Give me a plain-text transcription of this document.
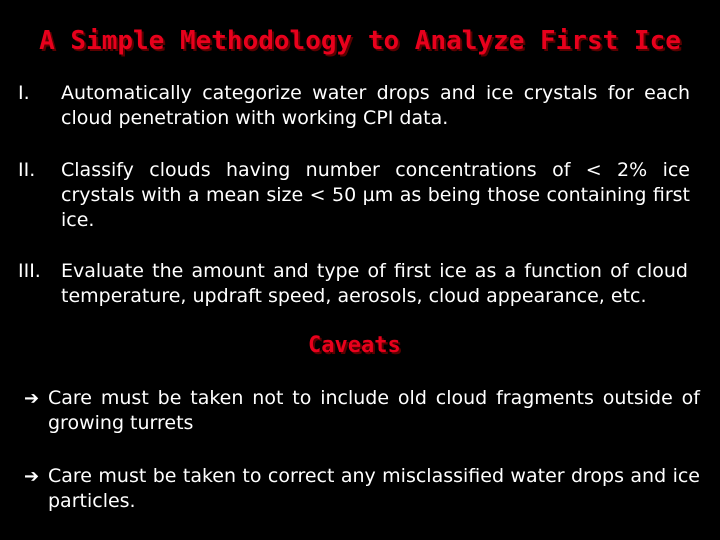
A Simple Methodology to Analyze First Ice
I. Automatically categorize water drops and ice crystals for each cloud penetration with working CPI data.
II. Classify clouds having number concentrations of < 2% ice crystals with a mean size < 50 µm as being those containing first ice.
III.	Evaluate the amount and type of first ice as a function of cloud temperature, updraft speed, aerosols, cloud appearance, etc.
Caveats
➔ Care must be taken not to include old cloud fragments outside of growing turrets
➔ Care must be taken to correct any misclassified water drops and ice particles.
